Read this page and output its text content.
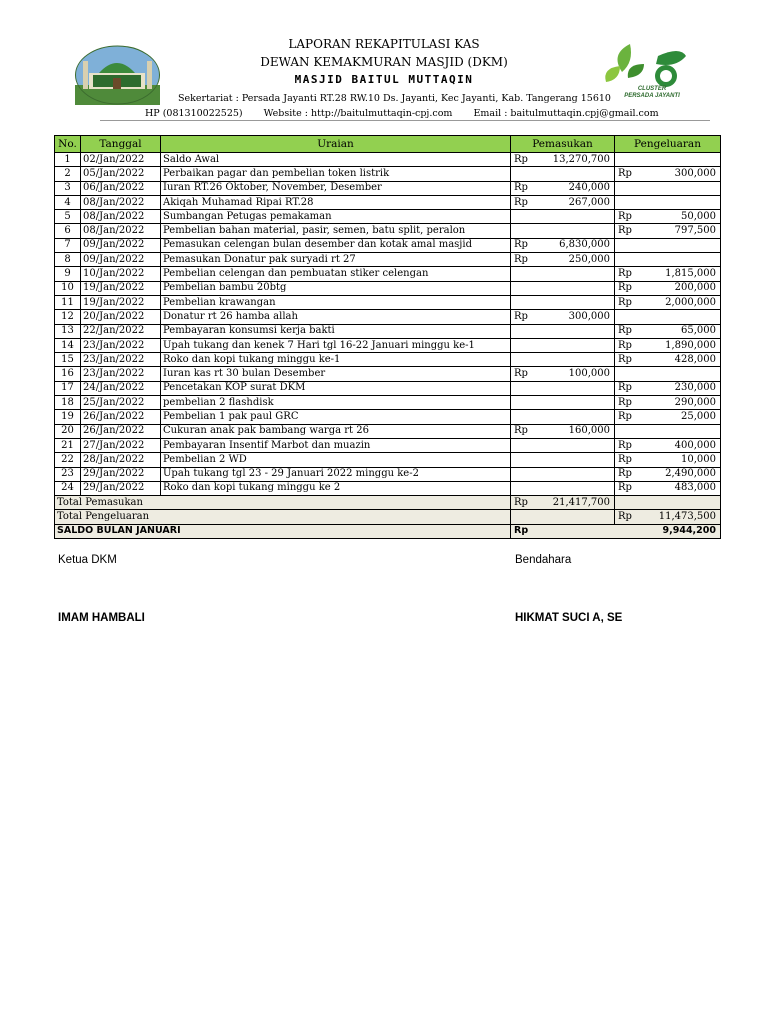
CLUSTER
PERSADA JAYANTI
LAPORAN REKAPITULASI KAS
DEWAN KEMAKMURAN MASJID (DKM)
MASJID BAITUL MUTTAQIN
Sekertariat : Persada Jayanti RT.28 RW.10 Ds. Jayanti, Kec Jayanti, Kab. Tangerang 15610
HP (081310022525) Website : http://baitulmuttaqin-cpj.com Email : baitulmuttaqin.cpj@gmail.com
No.	Tanggal	Uraian	Pemasukan	Pengeluaran
1	02/Jan/2022	Saldo Awal	Rp 13,270,700	

2	05/Jan/2022	Perbaikan pagar dan pembelian token listrik		Rp 300,000

3	06/Jan/2022	Iuran RT.26 Oktober, November, Desember	Rp 240,000	

4	08/Jan/2022	Akiqah Muhamad Ripai RT.28	Rp 267,000	

5	08/Jan/2022	Sumbangan Petugas pemakaman		Rp 50,000

6	08/Jan/2022	Pembelian bahan material, pasir, semen, batu split, peralon		Rp 797,500

7	09/Jan/2022	Pemasukan celengan bulan desember dan kotak amal masjid	Rp 6,830,000	

8	09/Jan/2022	Pemasukan Donatur pak suryadi rt 27	Rp 250,000	

9	10/Jan/2022	Pembelian celengan dan pembuatan stiker celengan		Rp 1,815,000

10	19/Jan/2022	Pembelian bambu 20btg		Rp 200,000

11	19/Jan/2022	Pembelian krawangan		Rp 2,000,000

12	20/Jan/2022	Donatur rt 26 hamba allah	Rp 300,000	

13	22/Jan/2022	Pembayaran konsumsi kerja bakti		Rp 65,000

14	23/Jan/2022	Upah tukang dan kenek 7 Hari tgl 16-22 Januari minggu ke-1		Rp 1,890,000

15	23/Jan/2022	Roko dan kopi tukang minggu ke-1		Rp 428,000

16	23/Jan/2022	Iuran kas rt 30 bulan Desember	Rp 100,000	

17	24/Jan/2022	Pencetakan KOP surat DKM		Rp 230,000

18	25/Jan/2022	pembelian 2 flashdisk		Rp 290,000

19	26/Jan/2022	Pembelian 1 pak paul GRC		Rp 25,000

20	26/Jan/2022	Cukuran anak pak bambang warga rt 26	Rp 160,000	

21	27/Jan/2022	Pembayaran Insentif Marbot dan muazin		Rp 400,000

22	28/Jan/2022	Pembelian 2 WD		Rp 10,000

23	29/Jan/2022	Upah tukang tgl 23 - 29 Januari 2022 minggu ke-2		Rp 2,490,000

24	29/Jan/2022	Roko dan kopi tukang minggu ke 2		Rp 483,000

Total Pemasukan			Rp 21,417,700	

Total Pengeluaran				Rp 11,473,500

SALDO BULAN JANUARI			Rp 9,944,200	
Ketua DKM	Bendahara
IMAM HAMBALI	HIKMAT SUCI A, SE
